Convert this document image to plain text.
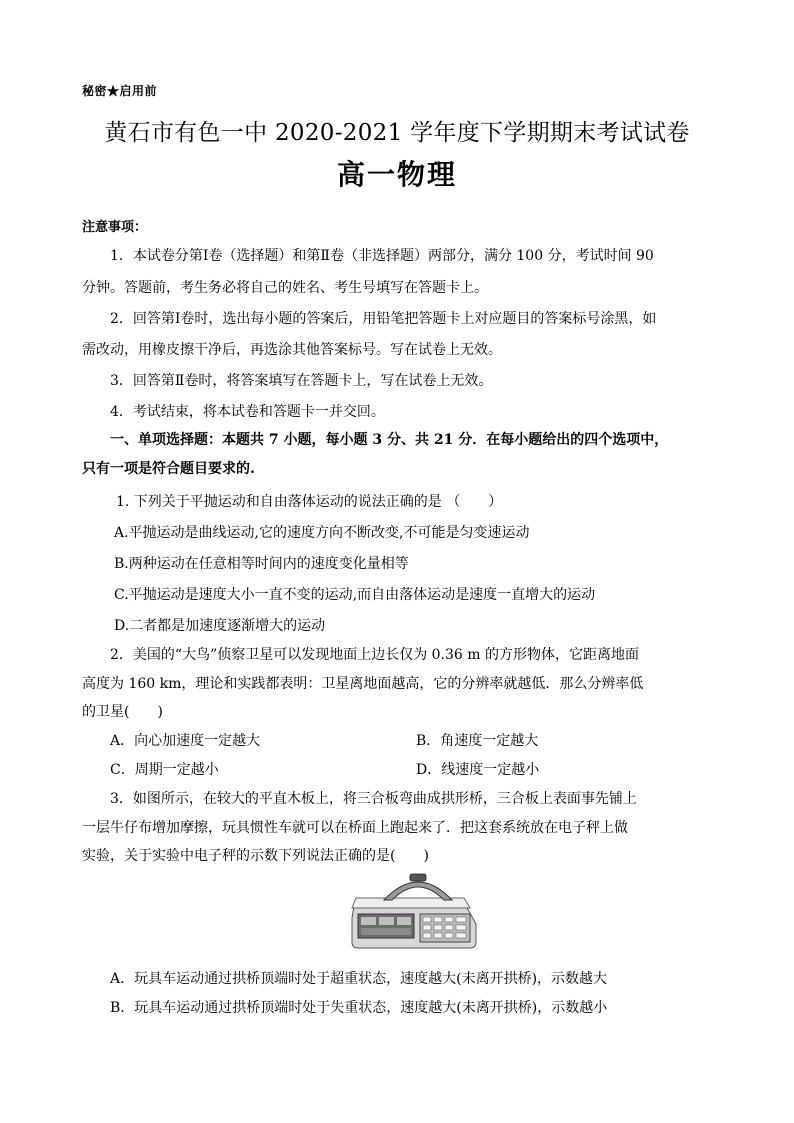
秘密★启用前
黄石市有色一中 2020-2021 学年度下学期期末考试试卷
高一物理
注意事项：
1．本试卷分第Ⅰ卷（选择题）和第Ⅱ卷（非选择题）两部分，满分 100 分，考试时间 90
分钟。答题前，考生务必将自己的姓名、考生号填写在答题卡上。
2．回答第Ⅰ卷时，选出每小题的答案后，用铅笔把答题卡上对应题目的答案标号涂黑，如
需改动，用橡皮擦干净后，再选涂其他答案标号。写在试卷上无效。
3．回答第Ⅱ卷时，将答案填写在答题卡上，写在试卷上无效。
4．考试结束，将本试卷和答题卡一并交回。
一、单项选择题：本题共 7 小题，每小题 3 分、共 21 分．在每小题给出的四个选项中，
只有一项是符合题目要求的.
1. 下列关于平抛运动和自由落体运动的说法正确的是 （　　）
A.平抛运动是曲线运动,它的速度方向不断改变,不可能是匀变速运动
B.两种运动在任意相等时间内的速度变化量相等
C.平抛运动是速度大小一直不变的运动,而自由落体运动是速度一直增大的运动
D.二者都是加速度逐渐增大的运动
2．美国的“大鸟”侦察卫星可以发现地面上边长仅为 0.36 m 的方形物体，它距离地面
高度为 160 km，理论和实践都表明：卫星离地面越高，它的分辨率就越低．那么分辨率低
的卫星(　　)
A．向心加速度一定越大	B．角速度一定越大
C．周期一定越小	D．线速度一定越小
3．如图所示，在较大的平直木板上，将三合板弯曲成拱形桥，三合板上表面事先铺上
一层牛仔布增加摩擦，玩具惯性车就可以在桥面上跑起来了．把这套系统放在电子秤上做
实验，关于实验中电子秤的示数下列说法正确的是(　　)
A．玩具车运动通过拱桥顶端时处于超重状态，速度越大(未离开拱桥)，示数越大
B．玩具车运动通过拱桥顶端时处于失重状态，速度越大(未离开拱桥)，示数越小
